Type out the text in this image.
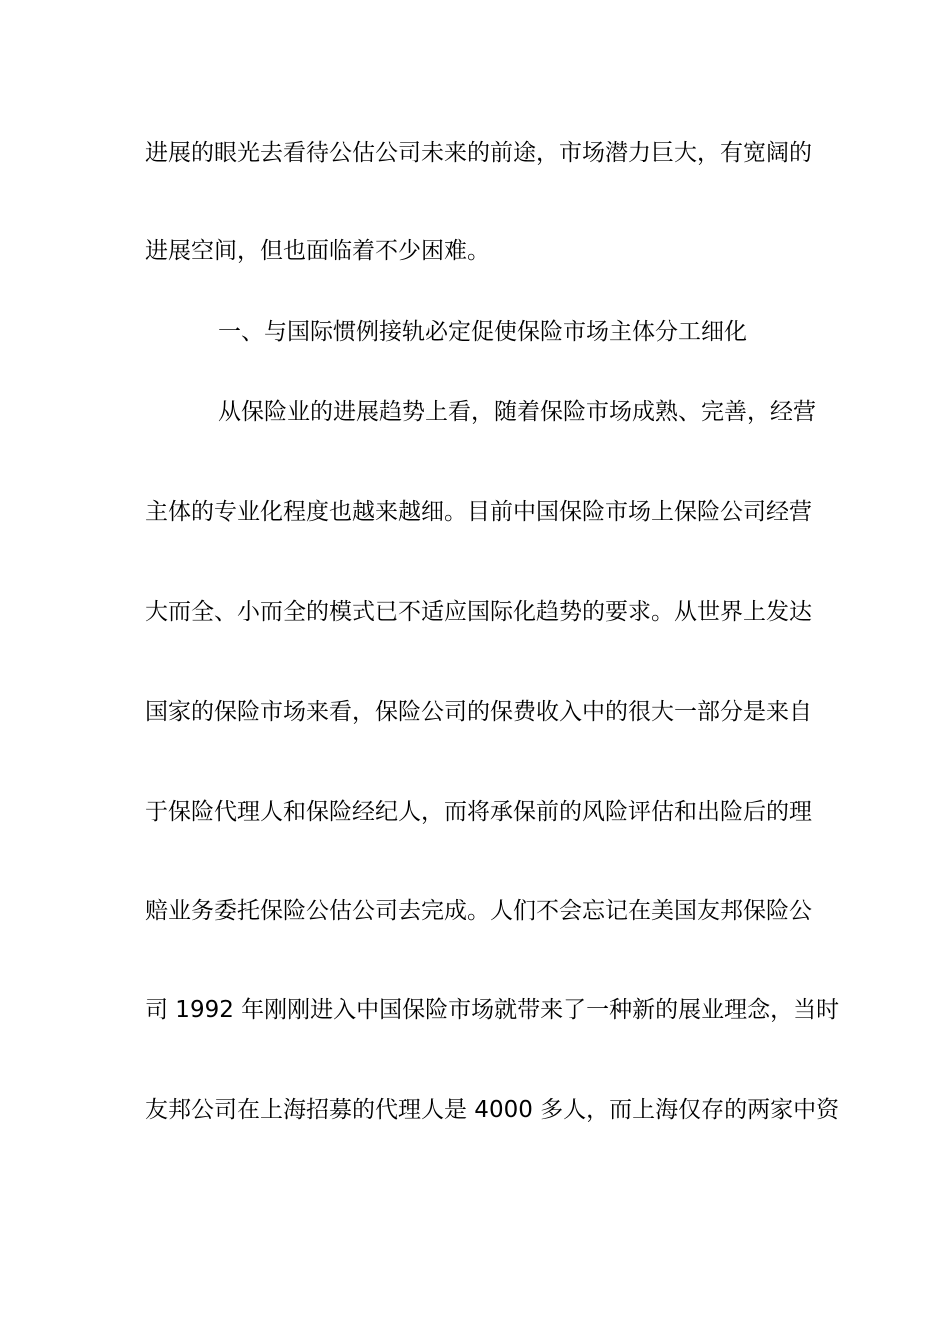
进展的眼光去看待公估公司未来的前途，市场潜力巨大，有宽阔的
进展空间，但也面临着不少困难。
一、与国际惯例接轨必定促使保险市场主体分工细化
从保险业的进展趋势上看，随着保险市场成熟、完善，经营
主体的专业化程度也越来越细。目前中国保险市场上保险公司经营
大而全、小而全的模式已不适应国际化趋势的要求。从世界上发达
国家的保险市场来看，保险公司的保费收入中的很大一部分是来自
于保险代理人和保险经纪人，而将承保前的风险评估和出险后的理
赔业务委托保险公估公司去完成。人们不会忘记在美国友邦保险公
司 1992 年刚刚进入中国保险市场就带来了一种新的展业理念，当时
友邦公司在上海招募的代理人是 4000 多人，而上海仅存的两家中资
